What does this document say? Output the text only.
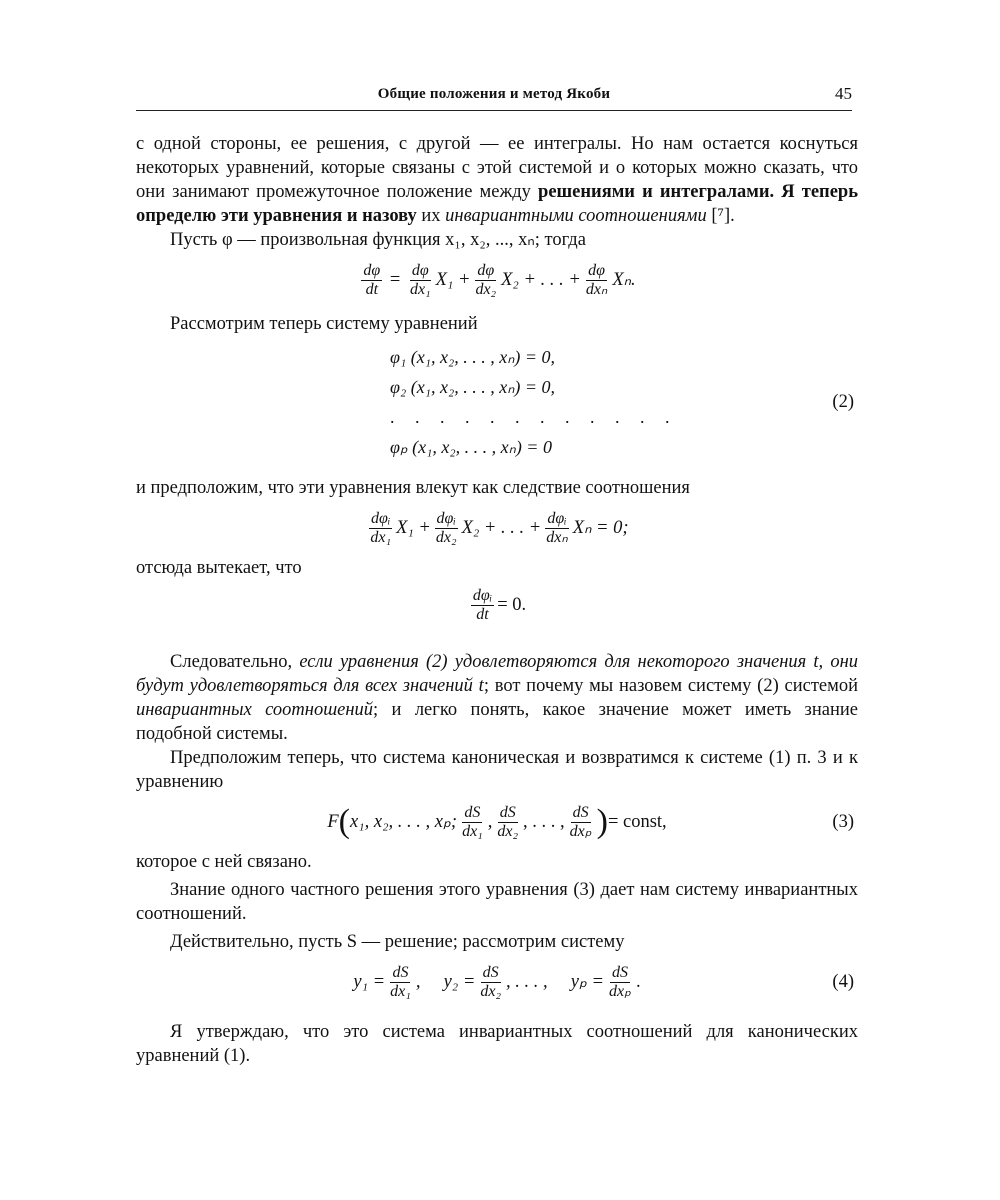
Общие положения и метод Якоби	45

с одной стороны, ее решения, с другой — ее интегралы. Но нам остается коснуться некоторых уравнений, которые связаны с этой системой и о которых можно сказать, что они занимают промежуточное положение между решениями и интегралами. Я теперь определю эти уравнения и назову их инвариантными соотношениями [⁷].

Пусть φ — произвольная функция x₁, x₂, ..., xₙ; тогда

$\frac{d\varphi}{dt} = \frac{d\varphi}{\text{dx₁}} X_1 + \frac{d\varphi}{\text{dx₂}} X_2$ + . . . + $\frac{d\varphi}{\text{dxₙ}} X_n$.

Рассмотрим теперь систему уравнений

φ₁ (x₁, x₂, . . . , xₙ) = 0,
φ₂ (x₁, x₂, . . . , xₙ) = 0,
. . . . . . . . . . . .
φₚ (x₁, x₂, . . . , xₙ) = 0
(2)

и предположим, что эти уравнения влекут как следствие соотношения

$\frac{\text{dφᵢ}}{\text{dx₁}} X_1 + \frac{\text{dφᵢ}}{\text{dx₂}} X_2$ + . . . + $\frac{\text{dφᵢ}}{\text{dxₙ}}$ Xₙ = 0;

отсюда вытекает, что

$\frac{\text{dφᵢ}}{dt} = 0$.

Следовательно, если уравнения (2) удовлетворяются для некоторого значения t, они будут удовлетворяться для всех значений t; вот почему мы назовем систему (2) системой инвариантных соотношений; и легко понять, какое значение может иметь знание подобной системы.

Предположим теперь, что система каноническая и возвратимся к системе (1) п. 3 и к уравнению

F ( x₁, x₂, . . . , xₚ; $\frac{dS}{\text{dx₁}}$ , $\frac{dS}{\text{dx₂}}$ , . . . , $\frac{dS}{\text{dxₚ}}$ ) = const,	(3)

которое с ней связано.

Знание одного частного решения этого уравнения (3) дает нам систему инвариантных соотношений.

Действительно, пусть S — решение; рассмотрим систему

$y_1 = \frac{dS}{\text{dx₁}}$ ,     $y_2 = \frac{dS}{\text{dx₂}}$ , . . . ,     $y_p = \frac{dS}{\text{dxₚ}}$ .	(4)

Я утверждаю, что это система инвариантных соотношений для канонических уравнений (1).
